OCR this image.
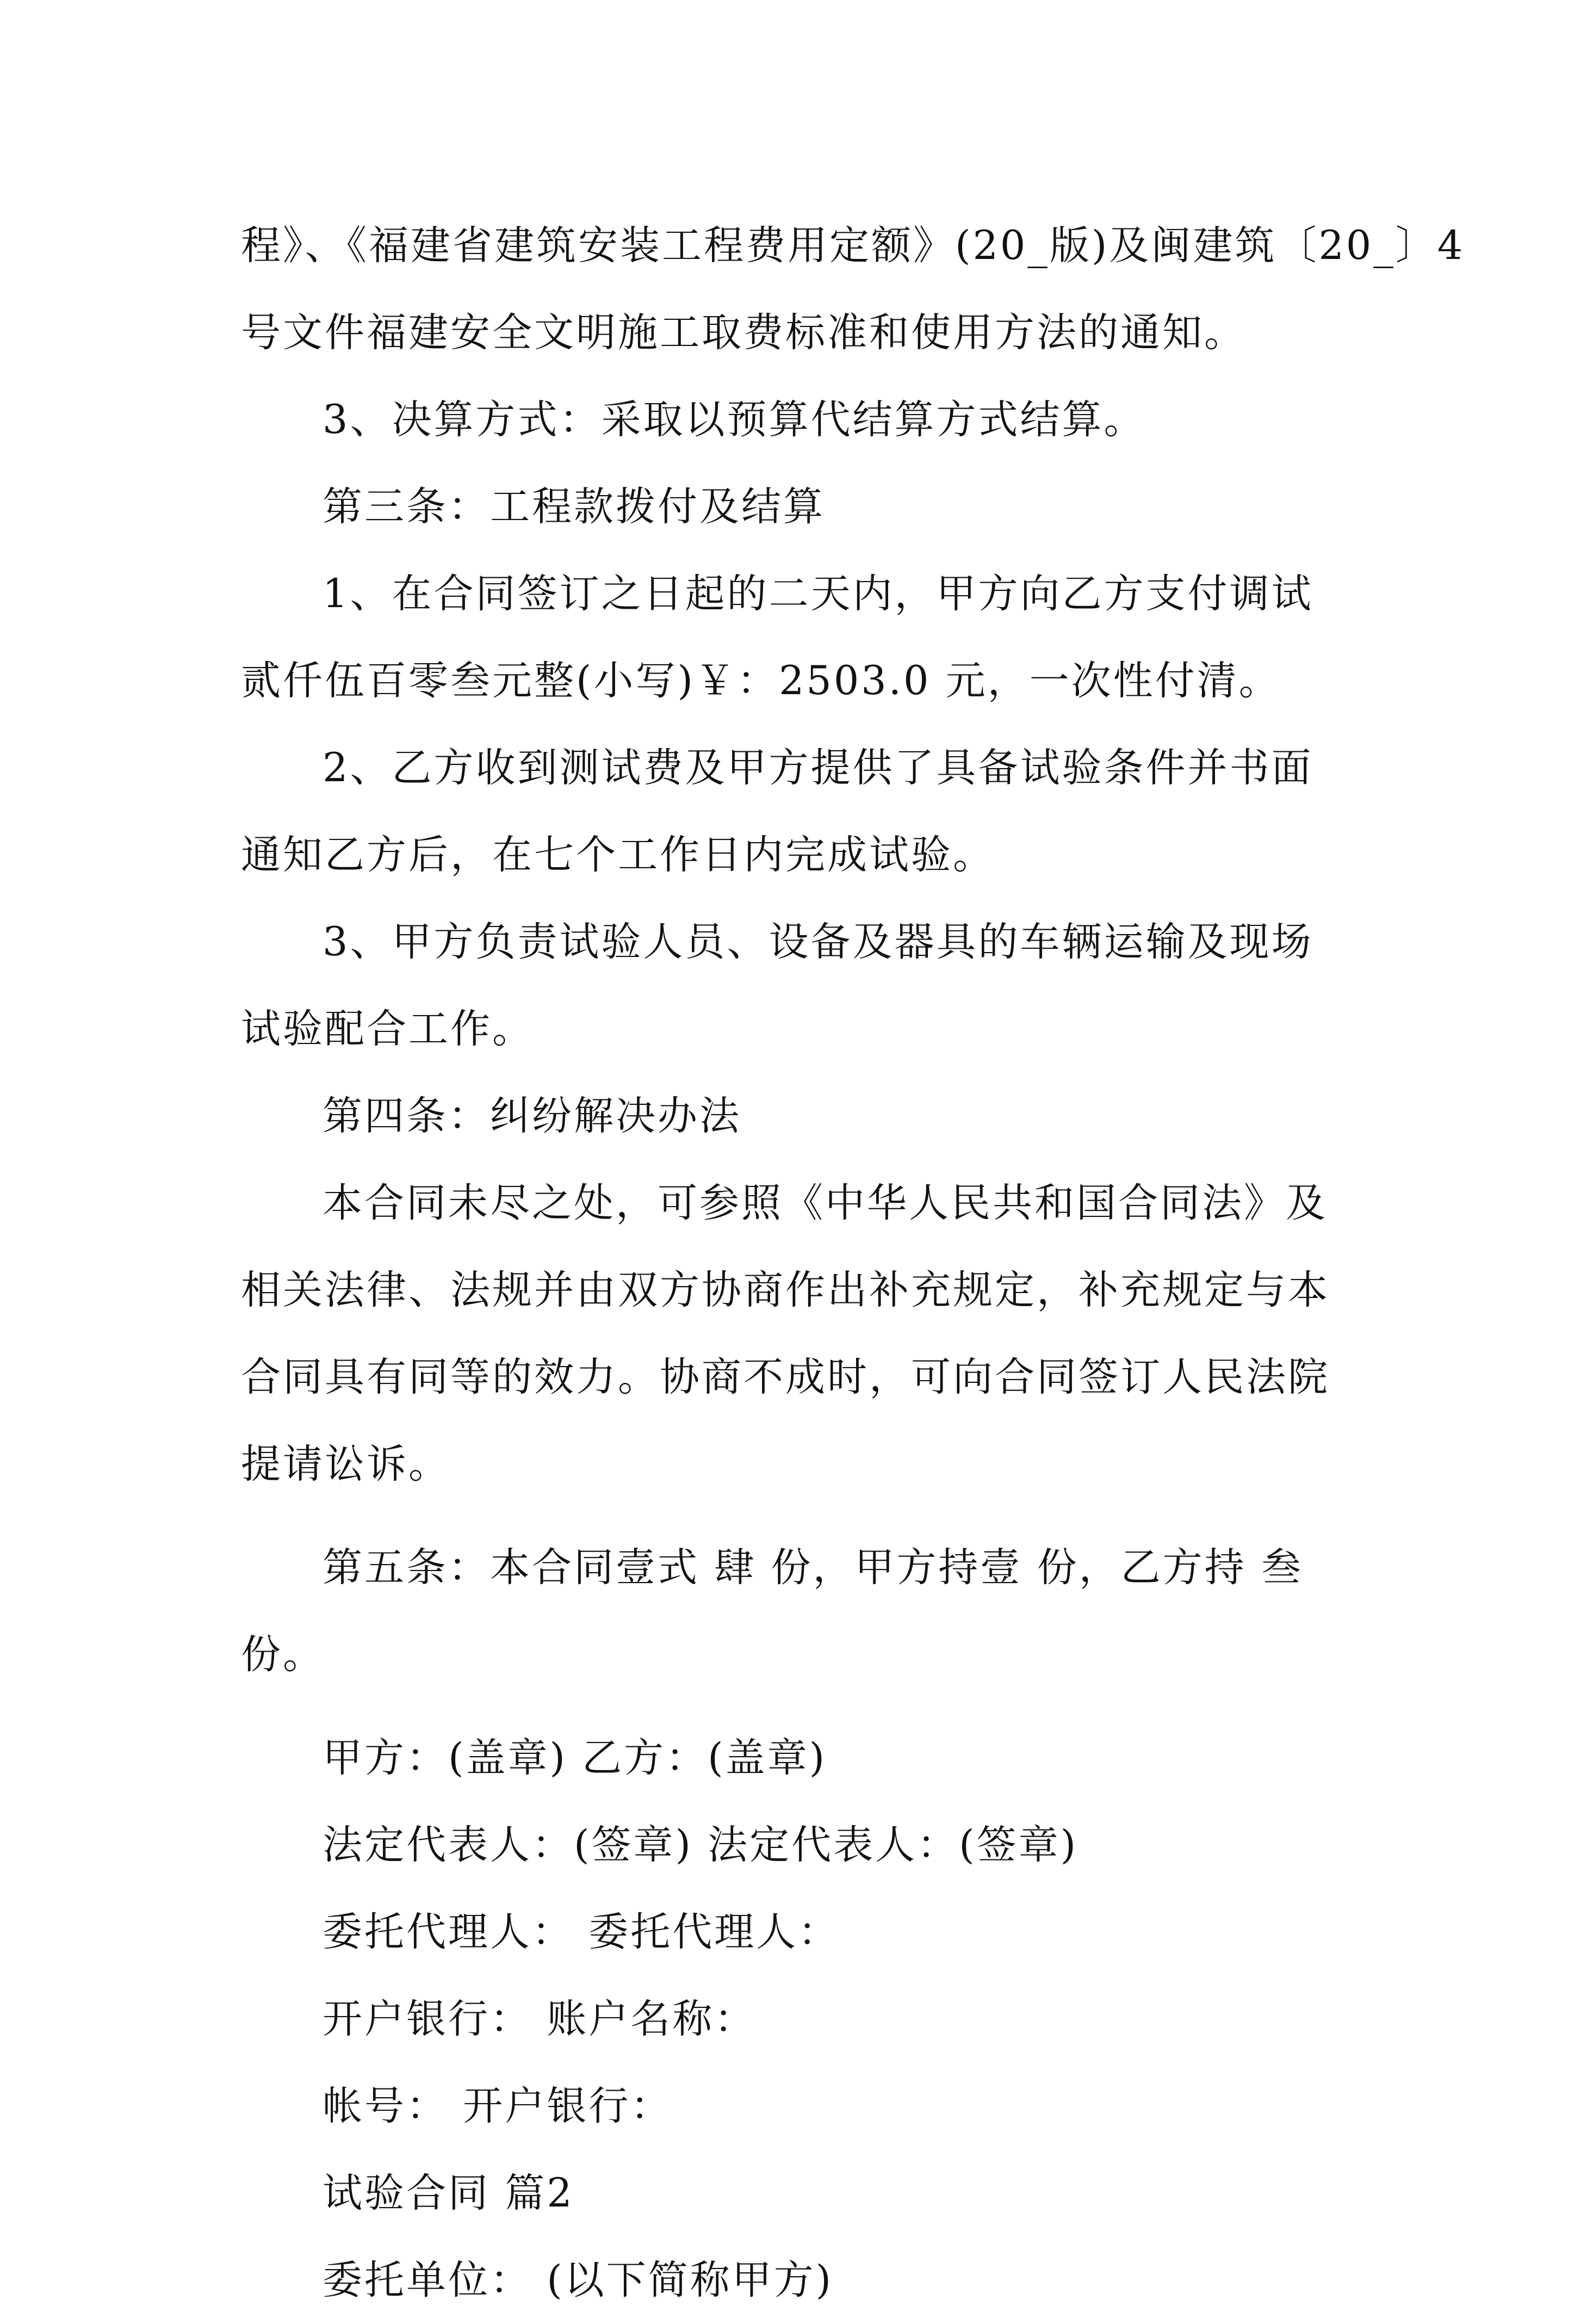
程》、《福建省建筑安装工程费用定额》(20_版)及闽建筑〔20_〕4

号文件福建安全文明施工取费标准和使用方法的通知。

3、决算方式：采取以预算代结算方式结算。

第三条：工程款拨付及结算

1、在合同签订之日起的二天内，甲方向乙方支付调试

贰仟伍百零叁元整(小写)￥：2503.0 元，一次性付清。

2、乙方收到测试费及甲方提供了具备试验条件并书面

通知乙方后，在七个工作日内完成试验。

3、甲方负责试验人员、设备及器具的车辆运输及现场

试验配合工作。

第四条：纠纷解决办法

本合同未尽之处，可参照《中华人民共和国合同法》及

相关法律、法规并由双方协商作出补充规定，补充规定与本

合同具有同等的效力。协商不成时，可向合同签订人民法院

提请讼诉。

第五条：本合同壹式 肆 份，甲方持壹 份，乙方持 叁

份。

甲方：(盖章) 乙方：(盖章)

法定代表人：(签章) 法定代表人：(签章)

委托代理人： 委托代理人：

开户银行： 账户名称：

帐号： 开户银行：

试验合同 篇2

委托单位： (以下简称甲方)
